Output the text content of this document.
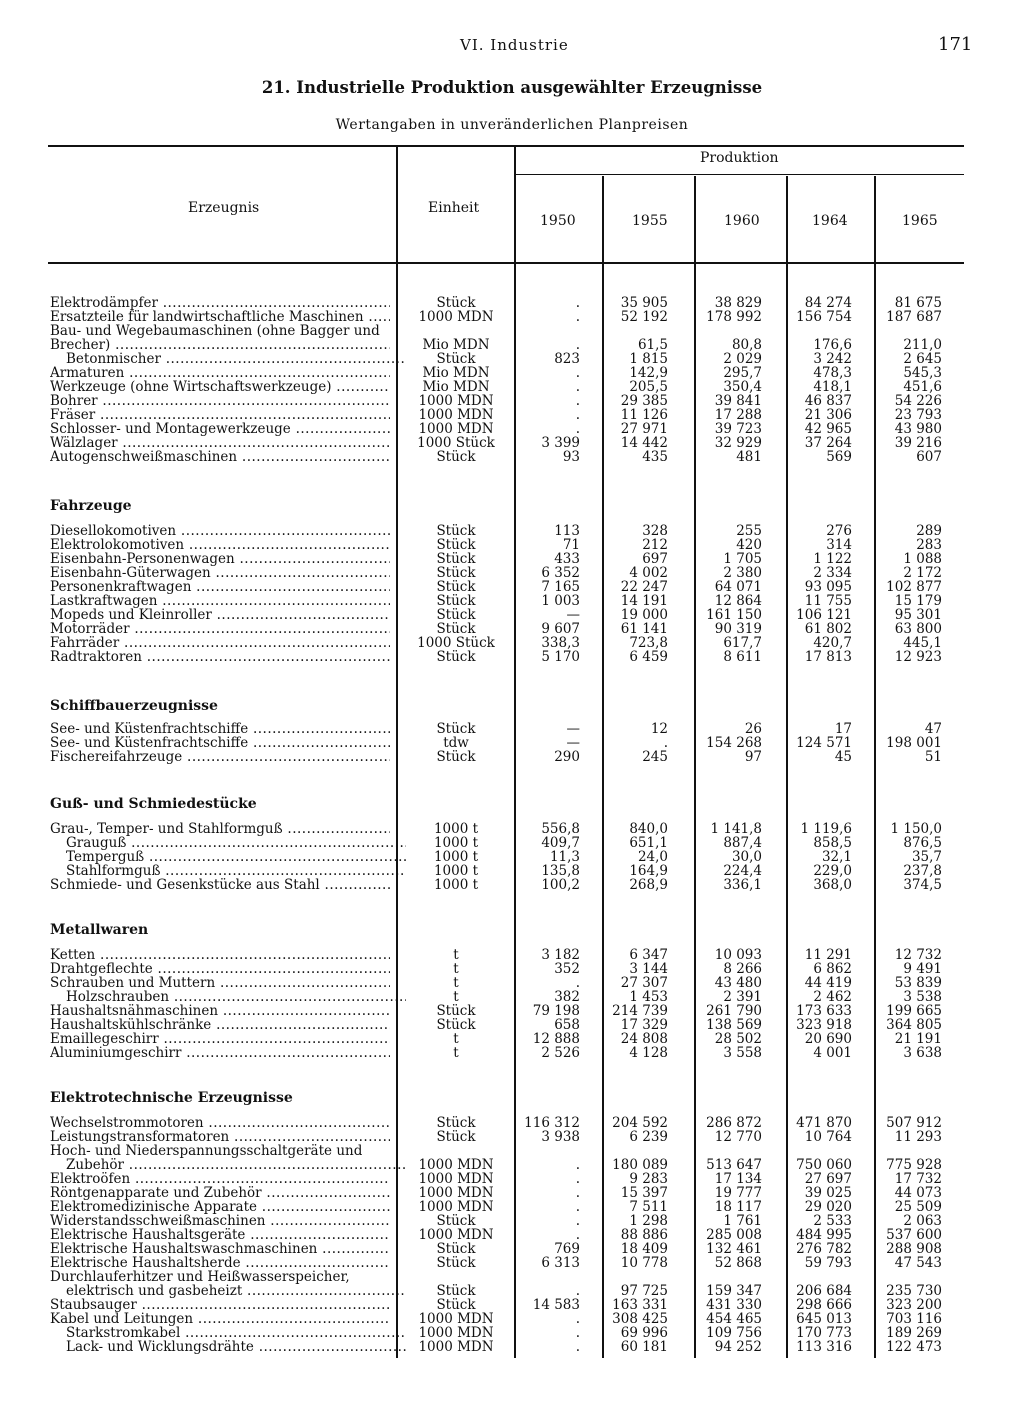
VI. Industrie	171
21. Industrielle Produktion ausgewählter Erzeugnisse
Wertangaben in unveränderlichen Planpreisen
Erzeugnis	Einheit
Produktion
1950	1955	1960	1964	1965
Elektrodämpfer .....	Stück	.	35 905	38 829	84 274	81 675
Ersatzteile für landwirtschaftliche Maschinen .....	1000 MDN	.	52 192	178 992	156 754	187 687
Bau- und Wegebaumaschinen (ohne Bagger und
Brecher) .....	Mio MDN	.	61,5	80,8	176,6	211,0
Betonmischer .....	Stück	823	1 815	2 029	3 242	2 645
Armaturen .....	Mio MDN	.	142,9	295,7	478,3	545,3
Werkzeuge (ohne Wirtschaftswerkzeuge) .....	Mio MDN	.	205,5	350,4	418,1	451,6
Bohrer .....	1000 MDN	.	29 385	39 841	46 837	54 226
Fräser .....	1000 MDN	.	11 126	17 288	21 306	23 793
Schlosser- und Montagewerkzeuge .....	1000 MDN	.	27 971	39 723	42 965	43 980
Wälzlager .....	1000 Stück	3 399	14 442	32 929	37 264	39 216
Autogenschweißmaschinen .....	Stück	93	435	481	569	607
Fahrzeuge
Diesellokomotiven .....	Stück	113	328	255	276	289
Elektrolokomotiven .....	Stück	71	212	420	314	283
Eisenbahn-Personenwagen .....	Stück	433	697	1 705	1 122	1 088
Eisenbahn-Güterwagen .....	Stück	6 352	4 002	2 380	2 334	2 172
Personenkraftwagen .....	Stück	7 165	22 247	64 071	93 095	102 877
Lastkraftwagen .....	Stück	1 003	14 191	12 864	11 755	15 179
Mopeds und Kleinroller .....	Stück	—	19 000	161 150	106 121	95 301
Motorräder .....	Stück	9 607	61 141	90 319	61 802	63 800
Fahrräder .....	1000 Stück	338,3	723,8	617,7	420,7	445,1
Radtraktoren .....	Stück	5 170	6 459	8 611	17 813	12 923
Schiffbauerzeugnisse
See- und Küstenfrachtschiffe .....	Stück	—	12	26	17	47
See- und Küstenfrachtschiffe .....	tdw	—	.	154 268	124 571	198 001
Fischereifahrzeuge .....	Stück	290	245	97	45	51
Guß- und Schmiedestücke
Grau-, Temper- und Stahlformguß .....	1000 t	556,8	840,0	1 141,8	1 119,6	1 150,0
Grauguß .....	1000 t	409,7	651,1	887,4	858,5	876,5
Temperguß .....	1000 t	11,3	24,0	30,0	32,1	35,7
Stahlformguß .....	1000 t	135,8	164,9	224,4	229,0	237,8
Schmiede- und Gesenkstücke aus Stahl .....	1000 t	100,2	268,9	336,1	368,0	374,5
Metallwaren
Ketten .....	t	3 182	6 347	10 093	11 291	12 732
Drahtgeflechte .....	t	352	3 144	8 266	6 862	9 491
Schrauben und Muttern .....	t	.	27 307	43 480	44 419	53 839
Holzschrauben .....	t	382	1 453	2 391	2 462	3 538
Haushaltsnähmaschinen .....	Stück	79 198	214 739	261 790	173 633	199 665
Haushaltskühlschränke .....	Stück	658	17 329	138 569	323 918	364 805
Emaillegeschirr .....	t	12 888	24 808	28 502	20 690	21 191
Aluminiumgeschirr .....	t	2 526	4 128	3 558	4 001	3 638
Elektrotechnische Erzeugnisse
Wechselstrommotoren .....	Stück	116 312	204 592	286 872	471 870	507 912
Leistungstransformatoren .....	Stück	3 938	6 239	12 770	10 764	11 293
Hoch- und Niederspannungsschaltgeräte und
Zubehör .....	1000 MDN	.	180 089	513 647	750 060	775 928
Elektroöfen .....	1000 MDN	.	9 283	17 134	27 697	17 732
Röntgenapparate und Zubehör .....	1000 MDN	.	15 397	19 777	39 025	44 073
Elektromedizinische Apparate .....	1000 MDN	.	7 511	18 117	29 020	25 509
Widerstandsschweißmaschinen .....	Stück	.	1 298	1 761	2 533	2 063
Elektrische Haushaltsgeräte .....	1000 MDN	.	88 886	285 008	484 995	537 600
Elektrische Haushaltswaschmaschinen .....	Stück	769	18 409	132 461	276 782	288 908
Elektrische Haushaltsherde .....	Stück	6 313	10 778	52 868	59 793	47 543
Durchlauferhitzer und Heißwasserspeicher,
elektrisch und gasbeheizt .....	Stück	.	97 725	159 347	206 684	235 730
Staubsauger .....	Stück	14 583	163 331	431 330	298 666	323 200
Kabel und Leitungen .....	1000 MDN	.	308 425	454 465	645 013	703 116
Starkstromkabel .....	1000 MDN	.	69 996	109 756	170 773	189 269
Lack- und Wicklungsdrähte .....	1000 MDN	.	60 181	94 252	113 316	122 473
